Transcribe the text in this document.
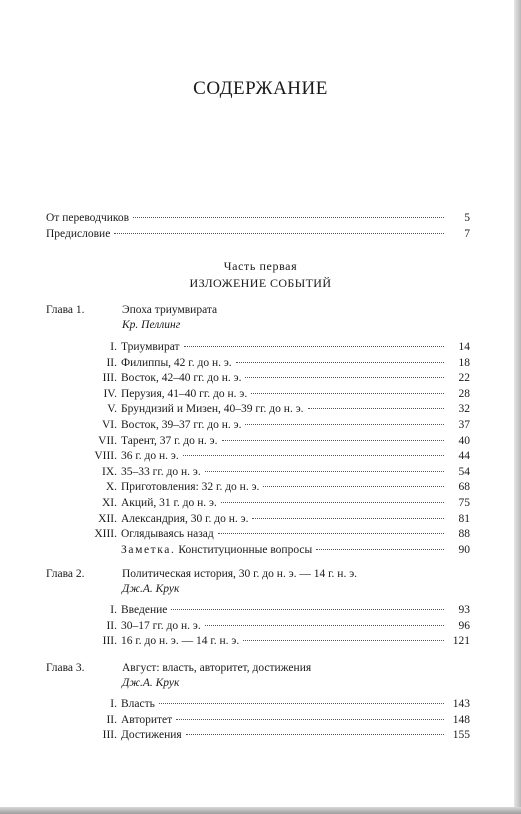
СОДЕРЖАНИЕ
От переводчиков	5
Предисловие	7
Часть первая
ИЗЛОЖЕНИЕ СОБЫТИЙ
Глава 1.	Эпоха триумвирата
Кр. Пеллинг
I. Триумвират	14
II. Филиппы, 42 г. до н. э.	18
III. Восток, 42–40 гг. до н. э.	22
IV. Перузия, 41–40 гг. до н. э.	28
V. Брундизий и Мизен, 40–39 гг. до н. э.	32
VI. Восток, 39–37 гг. до н. э.	37
VII. Тарент, 37 г. до н. э.	40
VIII. 36 г. до н. э.	44
IX. 35–33 гг. до н. э.	54
X. Приготовления: 32 г. до н. э.	68
XI. Акций, 31 г. до н. э.	75
XII. Александрия, 30 г. до н. э.	81
XIII. Оглядываясь назад	88
Заметка. Конституционные вопросы	90
Глава 2.	Политическая история, 30 г. до н. э. — 14 г. н. э.
Дж.А. Крук
I. Введение	93
II. 30–17 гг. до н. э.	96
III. 16 г. до н. э. — 14 г. н. э.	121
Глава 3.	Август: власть, авторитет, достижения
Дж.А. Крук
I. Власть	143
II. Авторитет	148
III. Достижения	155
